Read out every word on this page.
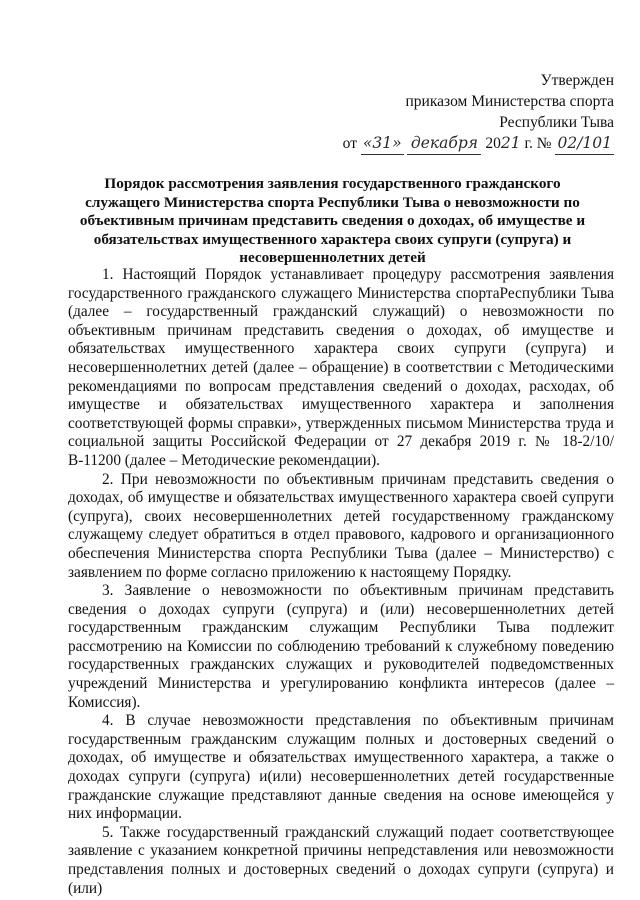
Утвержден
приказом Министерства спорта
Республики Тыва
от «31» декабря 2021 г. № 02/101
Порядок рассмотрения заявления государственного гражданского служащего Министерства спорта Республики Тыва о невозможности по объективным причинам представить сведения о доходах, об имуществе и обязательствах имущественного характера своих супруги (супруга) и несовершеннолетних детей

1. Настоящий Порядок устанавливает процедуру рассмотрения заявления государственного гражданского служащего Министерства спортаРеспублики Тыва (далее – государственный гражданский служащий) о невозможности по объективным причинам представить сведения о доходах, об имуществе и обязательствах имущественного характера своих супруги (супруга) и несовершеннолетних детей (далее – обращение) в соответствии с Методическими рекомендациями по вопросам представления сведений о доходах, расходах, об имуществе и обязательствах имущественного характера и заполнения соответствующей формы справки», утвержденных письмом Министерства труда и социальной защиты Российской Федерации от 27 декабря 2019 г. № 18-2/10/В-11200 (далее – Методические рекомендации).

2. При невозможности по объективным причинам представить сведения о доходах, об имуществе и обязательствах имущественного характера своей супруги (супруга), своих несовершеннолетних детей государственному гражданскому служащему следует обратиться в отдел правового, кадрового и организационного обеспечения Министерства спорта Республики Тыва (далее – Министерство) с заявлением по форме согласно приложению к настоящему Порядку.

3. Заявление о невозможности по объективным причинам представить сведения о доходах супруги (супруга) и (или) несовершеннолетних детей государственным гражданским служащим Республики Тыва подлежит рассмотрению на Комиссии по соблюдению требований к служебному поведению государственных гражданских служащих и руководителей подведомственных учреждений Министерства и урегулированию конфликта интересов (далее – Комиссия).

4. В случае невозможности представления по объективным причинам государственным гражданским служащим полных и достоверных сведений о доходах, об имуществе и обязательствах имущественного характера, а также о доходах супруги (супруга) и(или) несовершеннолетних детей государственные гражданские служащие представляют данные сведения на основе имеющейся у них информации.

5. Также государственный гражданский служащий подает соответствующее заявление с указанием конкретной причины непредставления или невозможности представления полных и достоверных сведений о доходах супруги (супруга) и (или)
